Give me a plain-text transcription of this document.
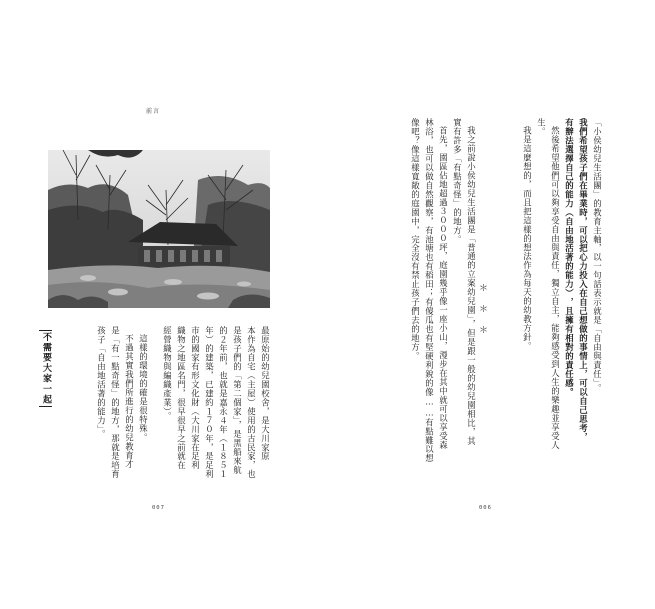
前言
「小侯幼兒生活團」的教育主軸，以一句話表示就是「自由與責任」。
我們希望孩子們在畢業時，可以把心力投入在自己想做的事情上，可以自己思考，
有辦法選擇自己的能力（自由地活著的能力），且擁有相對的責任感。
然後希望他們可以夠享受自由與責任，獨立自主，能夠感受到人生的樂趣並享受人
生。
我是這麼想的，而且把這樣的想法作為每天的幼教方針。
＊＊＊
我之前說小侯幼兒生活團是「普通的立案幼兒園」，但是跟一般的幼兒園相比，其
實有許多「有點奇怪」的地方。
首先，園區佔地超過３０００坪，庭園幾乎像一座小山，漫步在其中就可以享受森
林浴，也可以做自然觀察，有池塘也有稻田；有傻瓜也有堅硬利銳的像……有點難以想
像吧？像這樣寬敞的庭園中，完全沒有禁止孩子們去的地方。
最原始的幼兒園校舍，是大川家原
本作為自宅（主屋）使用的古民家，也
是孩子們的「第二個家」，是黑船來航
的２年前，也就是嘉永４年（１８５１
年）的建築，已建約１７０年，是足利
市的國家有形文化財（大川家在足利
織物之地區名門，很早很早之前就在
經營織物與編織產業）。
這樣的環境的確是很特殊。
不過其實我們所進行的幼兒教育才
是「有一點奇怪」的地方，那就是培育
孩子「自由地活著的能力」。
不需要大家一起
007	006
